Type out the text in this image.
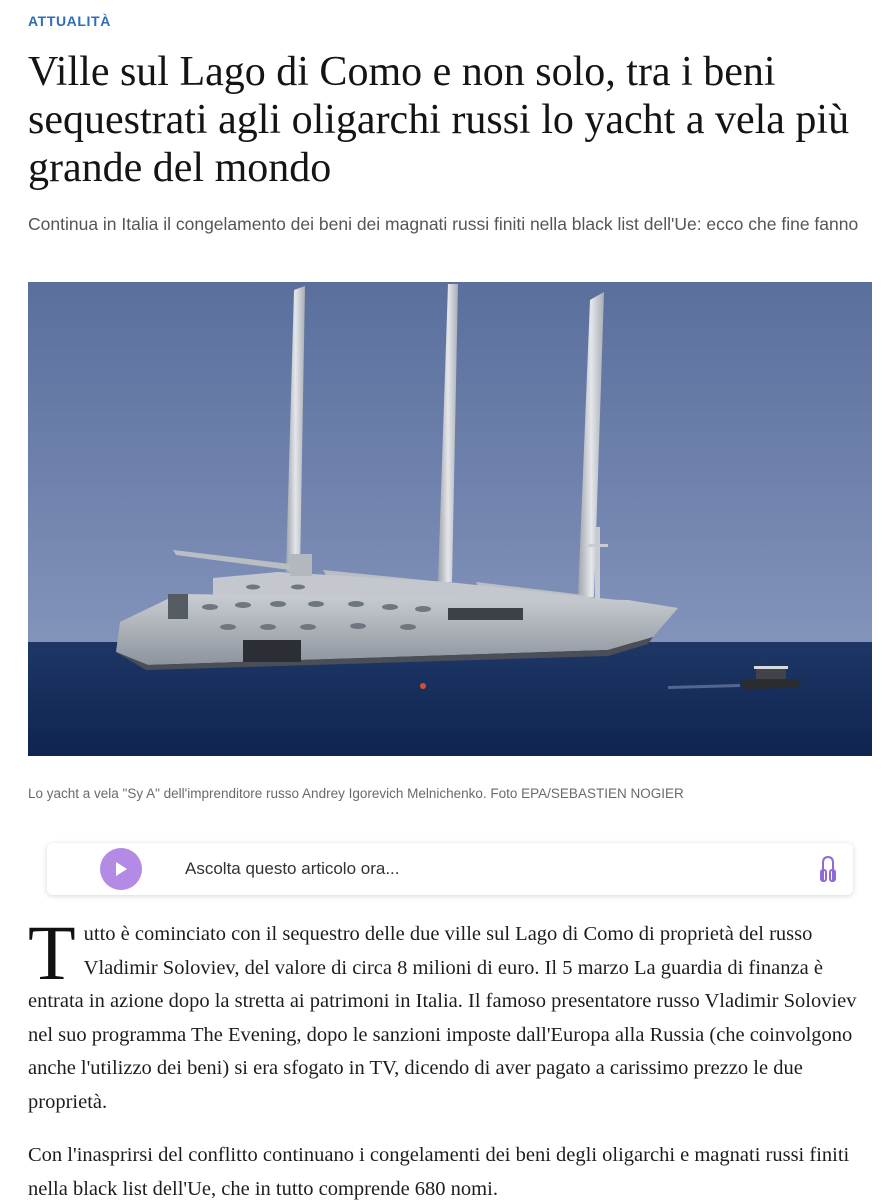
ATTUALITÀ
Ville sul Lago di Como e non solo, tra i beni sequestrati agli oligarchi russi lo yacht a vela più grande del mondo

Continua in Italia il congelamento dei beni dei magnati russi finiti nella black list dell'Ue: ecco che fine fanno

Lo yacht a vela "Sy A" dell'imprenditore russo Andrey Igorevich Melnichenko. Foto EPA/SEBASTIEN NOGIER
Ascolta questo articolo ora...

Tutto è cominciato con il sequestro delle due ville sul Lago di Como di proprietà del russo Vladimir Soloviev, del valore di circa 8 milioni di euro. Il 5 marzo La guardia di finanza è entrata in azione dopo la stretta ai patrimoni in Italia. Il famoso presentatore russo Vladimir Soloviev nel suo programma The Evening, dopo le sanzioni imposte dall'Europa alla Russia (che coinvolgono anche l'utilizzo dei beni) si era sfogato in TV, dicendo di aver pagato a carissimo prezzo le due proprietà.

Con l'inasprirsi del conflitto continuano i congelamenti dei beni degli oligarchi e magnati russi finiti nella black list dell'Ue, che in tutto comprende 680 nomi.
